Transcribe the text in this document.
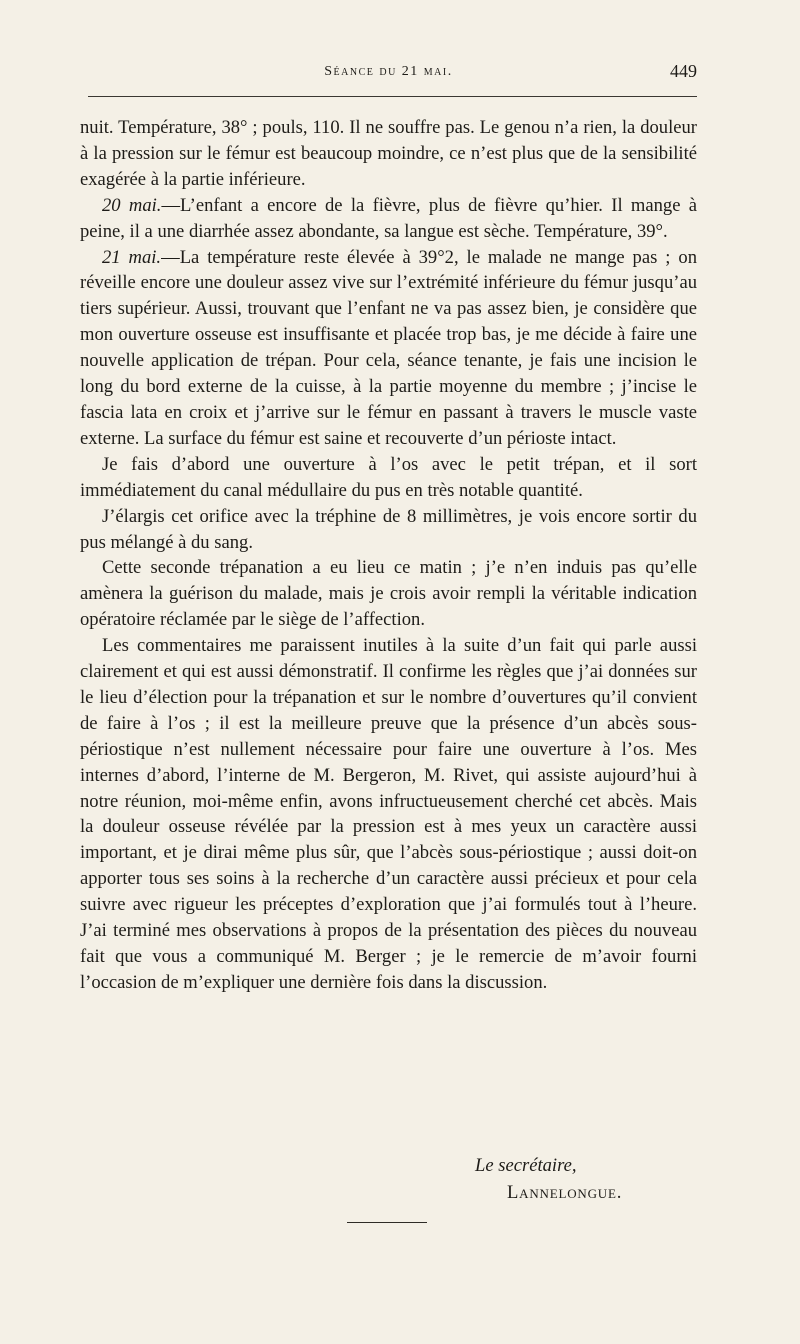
Séance du 21 mai.	449

nuit. Température, 38° ; pouls, 110. Il ne souffre pas. Le genou n’a rien, la douleur à la pression sur le fémur est beaucoup moindre, ce n’est plus que de la sensibilité exagérée à la partie inférieure.

20 mai.—L’enfant a encore de la fièvre, plus de fièvre qu’hier. Il mange à peine, il a une diarrhée assez abondante, sa langue est sèche. Température, 39°.

21 mai.—La température reste élevée à 39°2, le malade ne mange pas ; on réveille encore une douleur assez vive sur l’extrémité inférieure du fémur jusqu’au tiers supérieur. Aussi, trouvant que l’enfant ne va pas assez bien, je considère que mon ouverture osseuse est insuffisante et placée trop bas, je me décide à faire une nouvelle application de trépan. Pour cela, séance tenante, je fais une incision le long du bord externe de la cuisse, à la partie moyenne du membre ; j’incise le fascia lata en croix et j’arrive sur le fémur en passant à travers le muscle vaste externe. La surface du fémur est saine et recouverte d’un périoste intact.

Je fais d’abord une ouverture à l’os avec le petit trépan, et il sort immédiatement du canal médullaire du pus en très notable quantité.

J’élargis cet orifice avec la tréphine de 8 millimètres, je vois encore sortir du pus mélangé à du sang.

Cette seconde trépanation a eu lieu ce matin ; j’e n’en induis pas qu’elle amènera la guérison du malade, mais je crois avoir rempli la véritable indication opératoire réclamée par le siège de l’affection.

Les commentaires me paraissent inutiles à la suite d’un fait qui parle aussi clairement et qui est aussi démonstratif. Il confirme les règles que j’ai données sur le lieu d’élection pour la trépanation et sur le nombre d’ouvertures qu’il convient de faire à l’os ; il est la meilleure preuve que la présence d’un abcès sous-périostique n’est nullement nécessaire pour faire une ouverture à l’os. Mes internes d’abord, l’interne de M. Bergeron, M. Rivet, qui assiste aujourd’hui à notre réunion, moi-même enfin, avons infructueusement cherché cet abcès. Mais la douleur osseuse révélée par la pression est à mes yeux un caractère aussi important, et je dirai même plus sûr, que l’abcès sous-périostique ; aussi doit-on apporter tous ses soins à la recherche d’un caractère aussi précieux et pour cela suivre avec rigueur les préceptes d’exploration que j’ai formulés tout à l’heure. J’ai terminé mes observations à propos de la présentation des pièces du nouveau fait que vous a communiqué M. Berger ; je le remercie de m’avoir fourni l’occasion de m’expliquer une dernière fois dans la discussion.

Le secrétaire,
Lannelongue.
